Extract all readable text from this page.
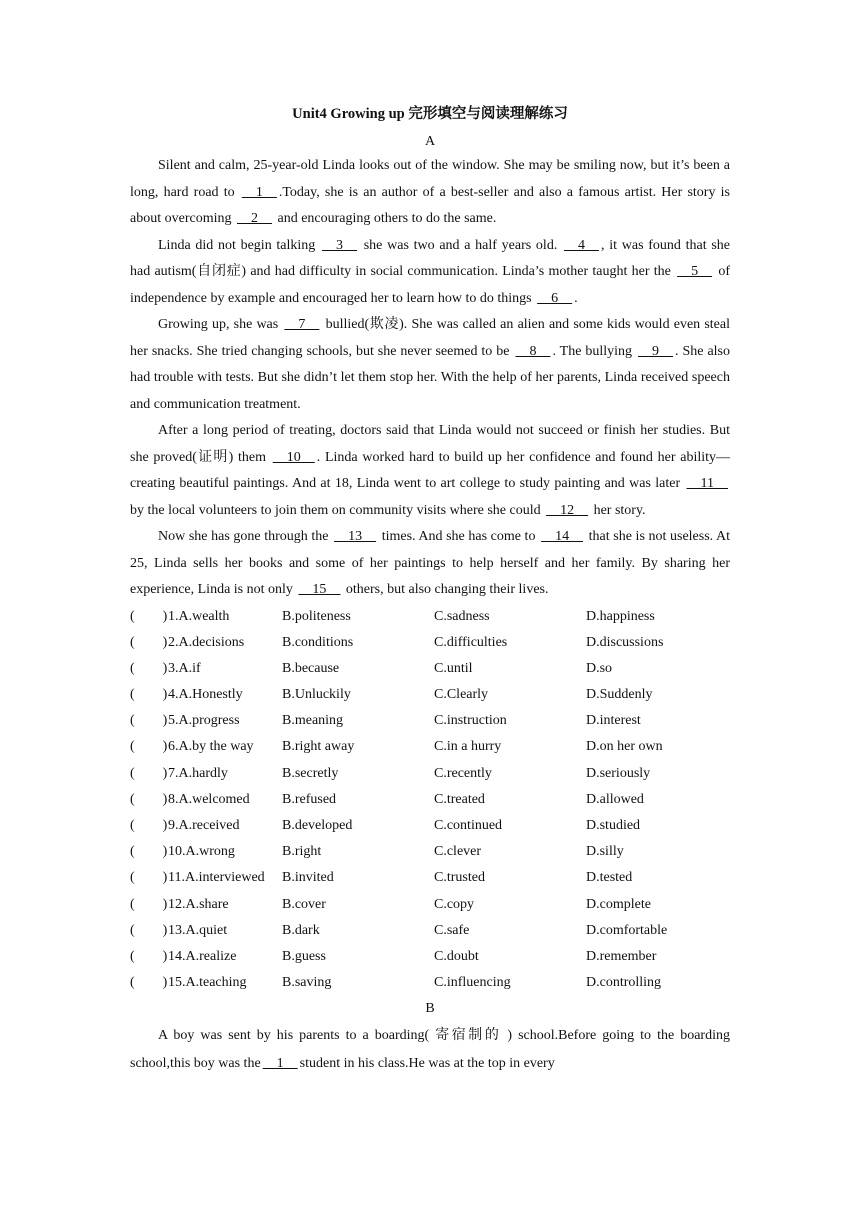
Unit4 Growing up 完形填空与阅读理解练习
A

Silent and calm, 25-year-old Linda looks out of the window. She may be smiling now, but it’s been a long, hard road to   1  .Today, she is an author of a best-seller and also a famous artist. Her story is about overcoming   2   and encouraging others to do the same.

Linda did not begin talking   3   she was two and a half years old.   4  , it was found that she had autism(自闭症) and had difficulty in social communication. Linda’s mother taught her the   5   of independence by example and encouraged her to learn how to do things   6  .

Growing up, she was   7   bullied(欺凌). She was called an alien and some kids would even steal her snacks. She tried changing schools, but she never seemed to be   8  . The bullying   9  . She also had trouble with tests. But she didn’t let them stop her. With the help of her parents, Linda received speech and communication treatment.

After a long period of treating, doctors said that Linda would not succeed or finish her studies. But she proved(证明) them   10  . Linda worked hard to build up her confidence and found her ability—creating beautiful paintings. And at 18, Linda went to art college to study painting and was later   11   by the local volunteers to join them on community visits where she could   12   her story.

Now she has gone through the   13   times. And she has come to   14   that she is not useless. At 25, Linda sells her books and some of her paintings to help herself and her family. By sharing her experience, Linda is not only   15   others, but also changing their lives.

(        ) 1.A.wealth	B.politeness	C.sadness	D.happiness
(        ) 2.A.decisions	B.conditions	C.difficulties	D.discussions
(        ) 3.A.if	B.because	C.until	D.so
(        ) 4.A.Honestly	B.Unluckily	C.Clearly	D.Suddenly
(        ) 5.A.progress	B.meaning	C.instruction	D.interest
(        ) 6.A.by the way	B.right away	C.in a hurry	D.on her own
(        ) 7.A.hardly	B.secretly	C.recently	D.seriously
(        ) 8.A.welcomed	B.refused	C.treated	D.allowed
(        ) 9.A.received	B.developed	C.continued	D.studied
(        ) 10.A.wrong	B.right	C.clever	D.silly
(        ) 11.A.interviewed	B.invited	C.trusted	D.tested
(        ) 12.A.share	B.cover	C.copy	D.complete
(        ) 13.A.quiet	B.dark	C.safe	D.comfortable
(        ) 14.A.realize	B.guess	C.doubt	D.remember
(        ) 15.A.teaching	B.saving	C.influencing	D.controlling
B

A boy was sent by his parents to a boarding( 寄宿制的 ) school.Before going to the boarding school,this boy was the  1  student in his class.He was at the top in every
